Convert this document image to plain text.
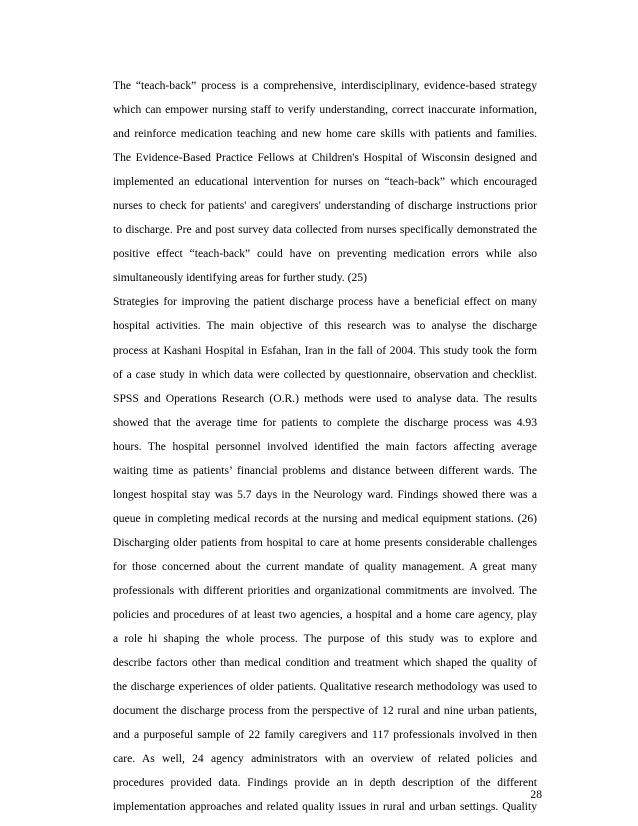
The “teach-back” process is a comprehensive, interdisciplinary, evidence-based strategy
which can empower nursing staff to verify understanding, correct inaccurate information,
and reinforce medication teaching and new home care skills with patients and families.
The Evidence-Based Practice Fellows at Children's Hospital of Wisconsin designed and
implemented an educational intervention for nurses on “teach-back” which encouraged
nurses to check for patients' and caregivers' understanding of discharge instructions prior
to discharge. Pre and post survey data collected from nurses specifically demonstrated the
positive effect “teach-back” could have on preventing medication errors while also
simultaneously identifying areas for further study. (25)
Strategies for improving the patient discharge process have a beneficial effect on many
hospital activities. The main objective of this research was to analyse the discharge
process at Kashani Hospital in Esfahan, Iran in the fall of 2004. This study took the form
of a case study in which data were collected by questionnaire, observation and checklist.
SPSS and Operations Research (O.R.) methods were used to analyse data. The results
showed that the average time for patients to complete the discharge process was 4.93
hours. The hospital personnel involved identified the main factors affecting average
waiting time as patients’ financial problems and distance between different wards. The
longest hospital stay was 5.7 days in the Neurology ward. Findings showed there was a
queue in completing medical records at the nursing and medical equipment stations. (26)
Discharging older patients from hospital to care at home presents considerable challenges
for those concerned about the current mandate of quality management. A great many
professionals with different priorities and organizational commitments are involved. The
policies and procedures of at least two agencies, a hospital and a home care agency, play
a role hi shaping the whole process. The purpose of this study was to explore and
describe factors other than medical condition and treatment which shaped the quality of
the discharge experiences of older patients. Qualitative research methodology was used to
document the discharge process from the perspective of 12 rural and nine urban patients,
and a purposeful sample of 22 family caregivers and 117 professionals involved in then
care. As well, 24 agency administrators with an overview of related policies and
procedures provided data. Findings provide an in depth description of the different
implementation approaches and related quality issues in rural and urban settings. Quality
28
